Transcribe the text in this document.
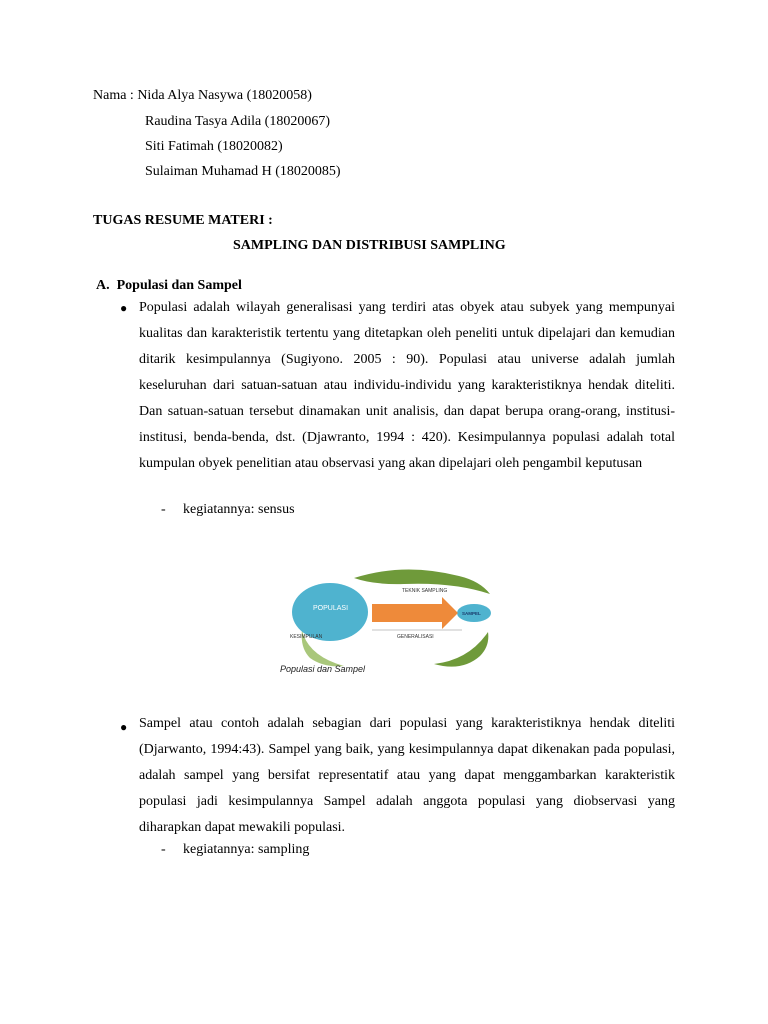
Nama : Nida Alya Nasywa (18020058)
Raudina Tasya Adila (18020067)
Siti Fatimah (18020082)
Sulaiman Muhamad H (18020085)
TUGAS RESUME MATERI :
SAMPLING DAN DISTRIBUSI SAMPLING
A.  Populasi dan Sampel
● Populasi adalah wilayah generalisasi yang terdiri atas obyek atau subyek yang mempunyai kualitas dan karakteristik tertentu yang ditetapkan oleh peneliti untuk dipelajari dan kemudian ditarik kesimpulannya (Sugiyono. 2005 : 90). Populasi atau universe adalah jumlah keseluruhan dari satuan-satuan atau individu-individu yang karakteristiknya hendak diteliti. Dan satuan-satuan tersebut dinamakan unit analisis, dan dapat berupa orang-orang, institusi-institusi, benda-benda, dst. (Djawranto, 1994 : 420). Kesimpulannya populasi adalah total kumpulan obyek penelitian atau observasi yang akan dipelajari oleh pengambil keputusan
- kegiatannya: sensus
POPULASI
SAMPEL
TEKNIK SAMPLING
KESIMPULAN	GENERALISASI
Populasi dan Sampel
● Sampel atau contoh adalah sebagian dari populasi yang karakteristiknya hendak diteliti (Djarwanto, 1994:43). Sampel yang baik, yang kesimpulannya dapat dikenakan pada populasi, adalah sampel yang bersifat representatif atau yang dapat menggambarkan karakteristik populasi jadi kesimpulannya Sampel adalah anggota populasi yang diobservasi yang diharapkan dapat mewakili populasi.
- kegiatannya: sampling
